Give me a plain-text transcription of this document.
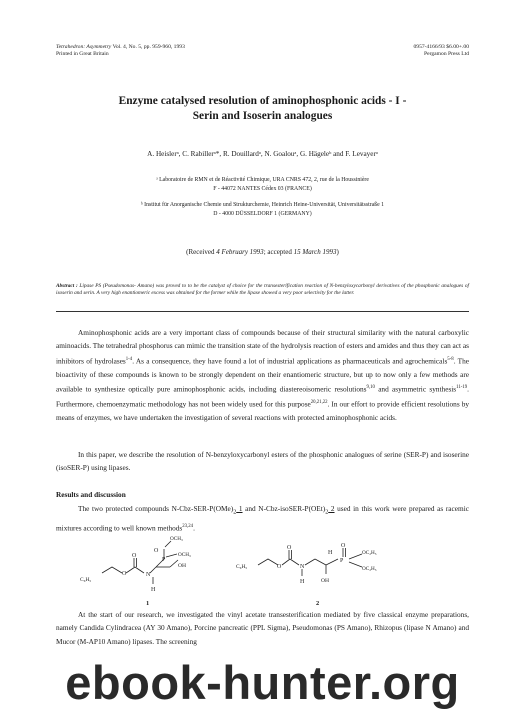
Tetrahedron: Asymmetry Vol. 4, No. 5, pp. 959-960, 1993
Printed in Great Britain
0957-4166/93 $6.00+.00
Pergamon Press Ltd
Enzyme catalysed resolution of aminophosphonic acids - I -
Serin and Isoserin analogues
A. Heislerᵃ, C. Rabillerᵃ*, R. Douillardᵃ, N. Goalouᵃ, G. Hägeleᵇ and F. Levayerᵃ
ᵃ Laboratoire de RMN et de Réactivité Chimique, URA CNRS 472, 2, rue de la Houssinière
F - 44072 NANTES Cédex 03 (FRANCE)
ᵇ Institut für Anorganische Chemie und Strukturchemie, Heinrich Heine-Universität, Universitätsstraße 1
D - 4000 DÜSSELDORF 1 (GERMANY)
(Received 4 February 1993; accepted 15 March 1993)
Abstract : Lipase PS (Pseudomonas- Amano) was proved to to be the catalyst of choice for the transesterification reaction of N-benzyloxycarbonyl derivatives of the phosphonic analogues of isoserin and serin. A very high enantiomeric excess was obtained for the former while the lipase showed a very poor selectivity for the latter.
Aminophosphonic acids are a very important class of compounds because of their structural similarity with the natural carboxylic aminoacids. The tetrahedral phosphorus can mimic the transition state of the hydrolysis reaction of esters and amides and thus they can act as inhibitors of hydrolases$^{1-4}$. As a consequence, they have found a lot of industrial applications as pharmaceuticals and agrochemicals$^{5-8}$. The bioactivity of these compounds is known to be strongly dependent on their enantiomeric structure, but up to now only a few methods are available to synthesize optically pure aminophosphonic acids, including diastereoisomeric resolutions$^{9,10}$ and asymmetric synthesis$^{11-19}$. Furthermore, chemoenzymatic methodology has not been widely used for this purpose$^{20,21,22}$. In our effort to provide efficient resolutions by means of enzymes, we have undertaken the investigation of several reactions with protected aminophosphonic acids.
In this paper, we describe the resolution of N-benzyloxycarbonyl esters of the phosphonic analogues of serine (SER-P) and isoserine (isoSER-P) using lipases.
Results and discussion
The two protected compounds $N-Cbz-SER-P(OMe)_2$ 1 and $N-Cbz-isoSER-P(OEt)_2$ 2 used in this work were prepared as racemic mixtures according to well known methods$^{23,24}$.
C₆H₅
O
O
N
H
P
O
OCH₃
OCH₃
OH
1
C₆H₅	O
O
N
H	OH
H
P
O
OC₂H₅
OC₂H₅
2
At the start of our research, we investigated the vinyl acetate transesterification mediated by five classical enzyme preparations, namely Candida Cylindracea (AY 30 Amano), Porcine pancreatic (PPL Sigma), Pseudomonas (PS Amano), Rhizopus (lipase N Amano) and Mucor (M-AP10 Amano) lipases. The screening
ebook-hunter.org
